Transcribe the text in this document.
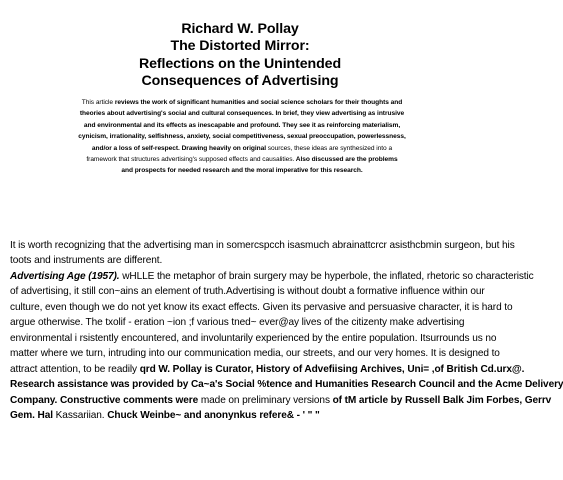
Richard W. Pollay
The Distorted Mirror:
Reflections on the Unintended
Consequences of Advertising
This article reviews the work of significant humanities and social science scholars for their thoughts and
theories about advertising's social and cultural consequences. In brief, they view advertising as intrusive
and environmental and its effects as inescapable and profound. They see it as reinforcing materialism,
cynicism, irrationality, selfishness, anxiety, social competitiveness, sexual preoccupation, powerlessness,
and/or a loss of self-respect. Drawing heavily on original sources, these ideas are synthesized into a
framework that structures advertising's supposed effects and causalities. Also discussed are the problems
and prospects for needed research and the moral imperative for this research.
It is worth recognizing that the advertising man in somercspcch isasmuch abrainattcrcr asisthcbmin surgeon, but his
toots and instruments are different.
Advertising Age (1957). wHLLE the metaphor of brain surgery may be hyperbole, the inflated, rhetoric so characteristic
of advertising, it still con~ains an element of truth.Advertising is without doubt a formative influence within our
culture, even though we do not yet know its exact effects. Given its pervasive and persuasive character, it is hard to
argue otherwise. The txolif - eration ~ion ;f various tned~ ever@ay lives of the citizenty make advertising
environmental i rsistently encountered, and involuntarily experienced by the entire population. Itsurrounds us no
matter where we turn, intruding into our communication media, our streets, and our very homes. It is designed to
attract attention, to be readily qrd W. Pollay is Curator, History of Advefiising Archives, Uni= ,of British Cd.urx@.
Research assistance was provided by Ca~a's Social %tence and Humanities Research Council and the Acme Delivery
Company. Constructive comments were made on preliminary versions of tM article by Russell Balk Jim Forbes, Gerrv
Gem. Hal Kassariian. Chuck Weinbe~ and anonynkus refere& - ' " "
